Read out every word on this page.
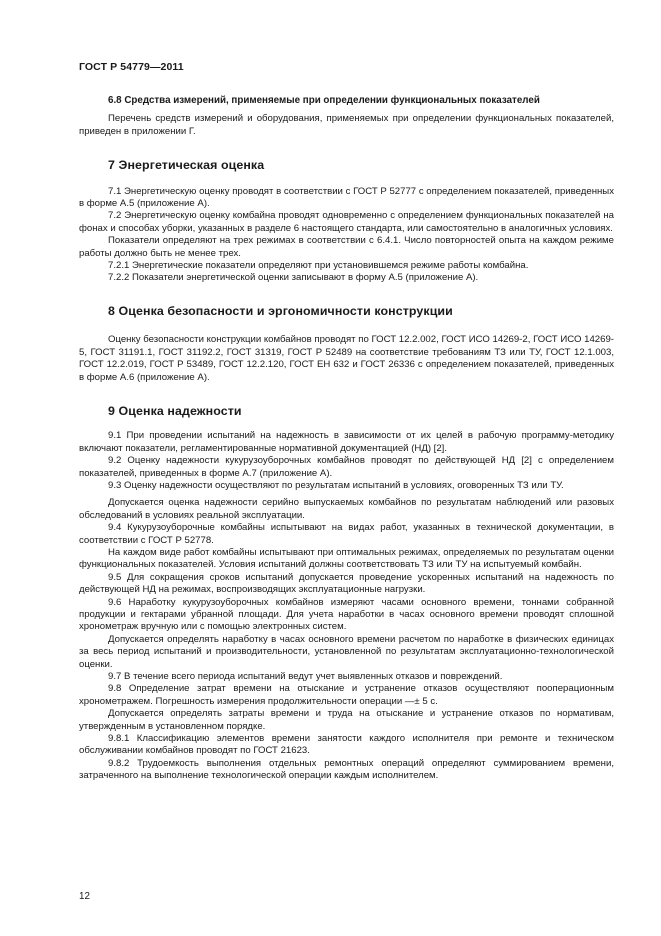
ГОСТ Р 54779—2011
6.8 Средства измерений, применяемые при определении функциональных показателей

Перечень средств измерений и оборудования, применяемых при определении функциональных показателей, приведен в приложении Г.

7 Энергетическая оценка

7.1 Энергетическую оценку проводят в соответствии с ГОСТ Р 52777 с определением показателей, приведенных в форме А.5 (приложение А).

7.2 Энергетическую оценку комбайна проводят одновременно с определением функциональных показателей на фонах и способах уборки, указанных в разделе 6 настоящего стандарта, или самостоятельно в аналогичных условиях.

Показатели определяют на трех режимах в соответствии с 6.4.1. Число повторностей опыта на каждом режиме работы должно быть не менее трех.

7.2.1 Энергетические показатели определяют при установившемся режиме работы комбайна.

7.2.2 Показатели энергетической оценки записывают в форму А.5 (приложение А).

8 Оценка безопасности и эргономичности конструкции

Оценку безопасности конструкции комбайнов проводят по ГОСТ 12.2.002, ГОСТ ИСО 14269-2, ГОСТ ИСО 14269-5, ГОСТ 31191.1, ГОСТ 31192.2, ГОСТ 31319, ГОСТ Р 52489 на соответствие требованиям ТЗ или ТУ, ГОСТ 12.1.003, ГОСТ 12.2.019, ГОСТ Р 53489, ГОСТ 12.2.120, ГОСТ ЕН 632 и ГОСТ 26336 с определением показателей, приведенных в форме А.6 (приложение А).

9 Оценка надежности

9.1 При проведении испытаний на надежность в зависимости от их целей в рабочую программу-методику включают показатели, регламентированные нормативной документацией (НД) [2].

9.2 Оценку надежности кукурузоуборочных комбайнов проводят по действующей НД [2] с определением показателей, приведенных в форме А.7 (приложение А).

9.3 Оценку надежности осуществляют по результатам испытаний в условиях, оговоренных ТЗ или ТУ.

Допускается оценка надежности серийно выпускаемых комбайнов по результатам наблюдений или разовых обследований в условиях реальной эксплуатации.

9.4 Кукурузоуборочные комбайны испытывают на видах работ, указанных в технической документации, в соответствии с ГОСТ Р 52778.

На каждом виде работ комбайны испытывают при оптимальных режимах, определяемых по результатам оценки функциональных показателей. Условия испытаний должны соответствовать ТЗ или ТУ на испытуемый комбайн.

9.5 Для сокращения сроков испытаний допускается проведение ускоренных испытаний на надежность по действующей НД на режимах, воспроизводящих эксплуатационные нагрузки.

9.6 Наработку кукурузоуборочных комбайнов измеряют часами основного времени, тоннами собранной продукции и гектарами убранной площади. Для учета наработки в часах основного времени проводят сплошной хронометраж вручную или с помощью электронных систем.

Допускается определять наработку в часах основного времени расчетом по наработке в физических единицах за весь период испытаний и производительности, установленной по результатам эксплуатационно-технологической оценки.

9.7 В течение всего периода испытаний ведут учет выявленных отказов и повреждений.

9.8 Определение затрат времени на отыскание и устранение отказов осуществляют пооперaционным хронометражем. Погрешность измерения продолжительности операции —± 5 с.

Допускается определять затраты времени и труда на отыскание и устранение отказов по нормативам, утвержденным в установленном порядке.

9.8.1 Классификацию элементов времени занятости каждого исполнителя при ремонте и техническом обслуживании комбайнов проводят по ГОСТ 21623.

9.8.2 Трудоемкость выполнения отдельных ремонтных операций определяют суммированием времени, затраченного на выполнение технологической операции каждым исполнителем.

12
